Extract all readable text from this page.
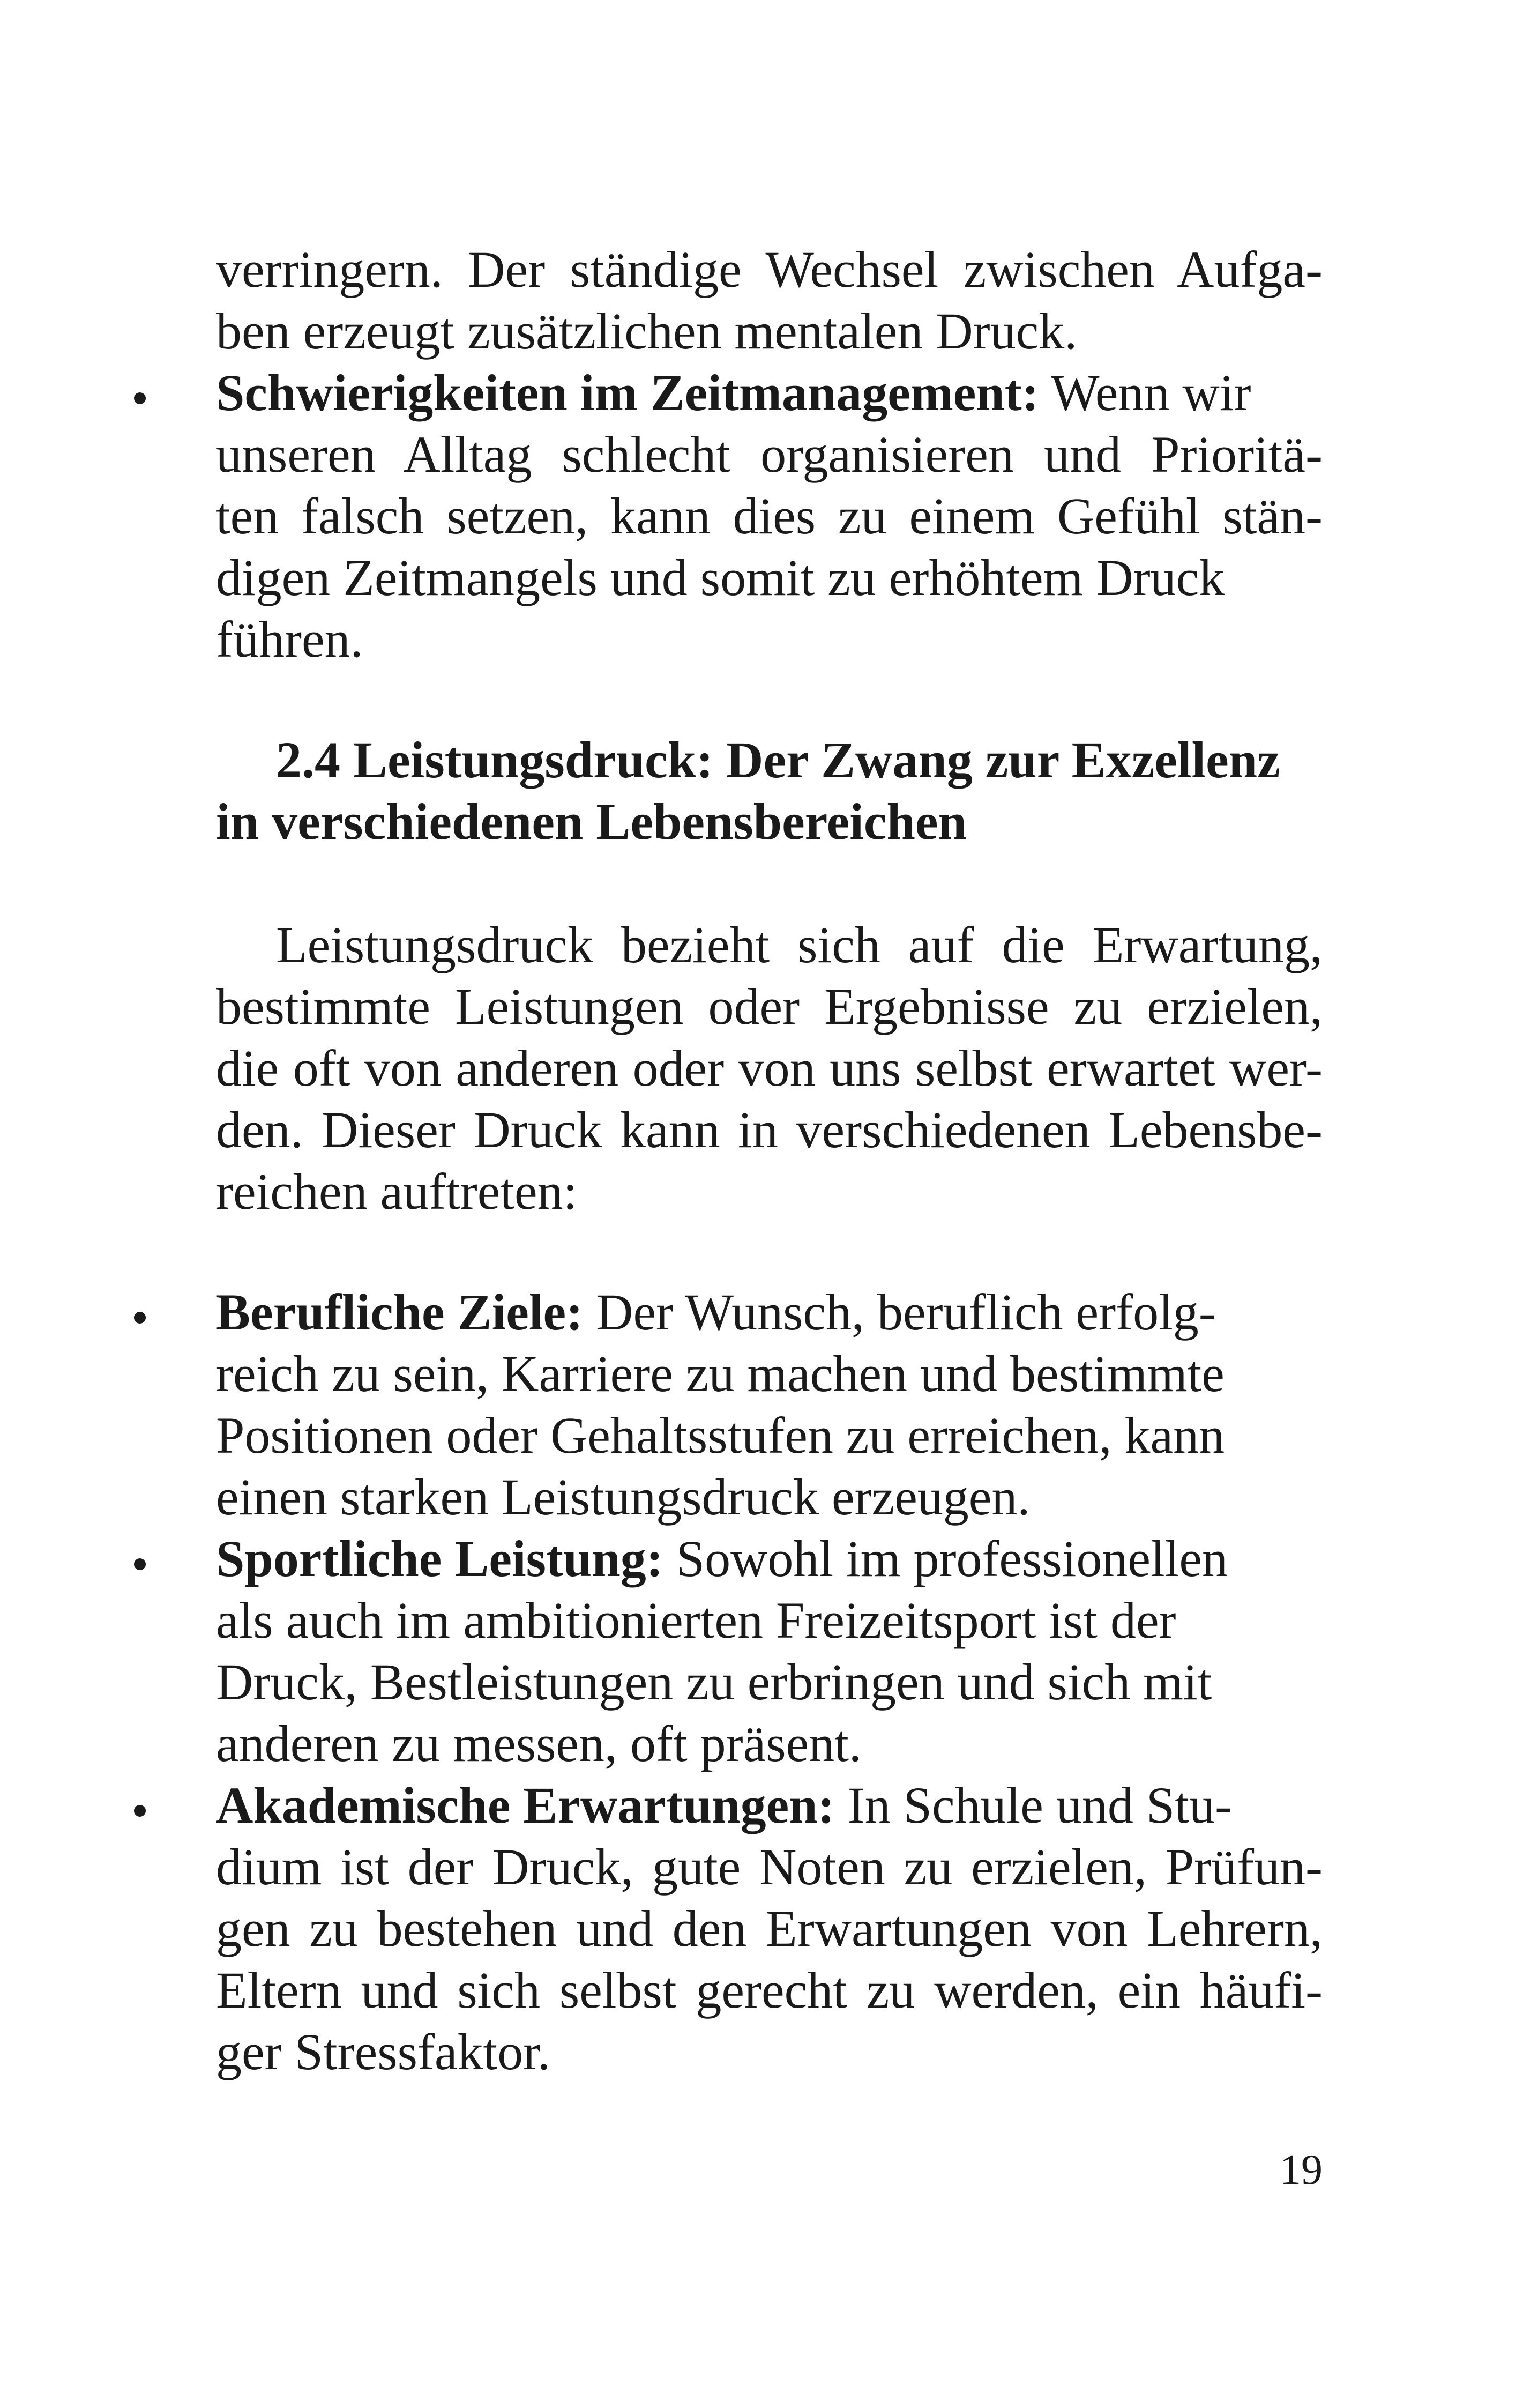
verringern. Der ständige Wechsel zwischen Aufga-
ben erzeugt zusätzlichen mentalen Druck.
Schwierigkeiten im Zeitmanagement: Wenn wir
unseren Alltag schlecht organisieren und Prioritä-
ten falsch setzen, kann dies zu einem Gefühl stän-
digen Zeitmangels und somit zu erhöhtem Druck
führen.
2.4 Leistungsdruck: Der Zwang zur Exzellenz
in verschiedenen Lebensbereichen
Leistungsdruck bezieht sich auf die Erwartung,
bestimmte Leistungen oder Ergebnisse zu erzielen,
die oft von anderen oder von uns selbst erwartet wer-
den. Dieser Druck kann in verschiedenen Lebensbe-
reichen auftreten:
Berufliche Ziele: Der Wunsch, beruflich erfolg-
reich zu sein, Karriere zu machen und bestimmte
Positionen oder Gehaltsstufen zu erreichen, kann
einen starken Leistungsdruck erzeugen.
Sportliche Leistung: Sowohl im professionellen
als auch im ambitionierten Freizeitsport ist der
Druck, Bestleistungen zu erbringen und sich mit
anderen zu messen, oft präsent.
Akademische Erwartungen: In Schule und Stu-
dium ist der Druck, gute Noten zu erzielen, Prüfun-
gen zu bestehen und den Erwartungen von Lehrern,
Eltern und sich selbst gerecht zu werden, ein häufi-
ger Stressfaktor.
19
